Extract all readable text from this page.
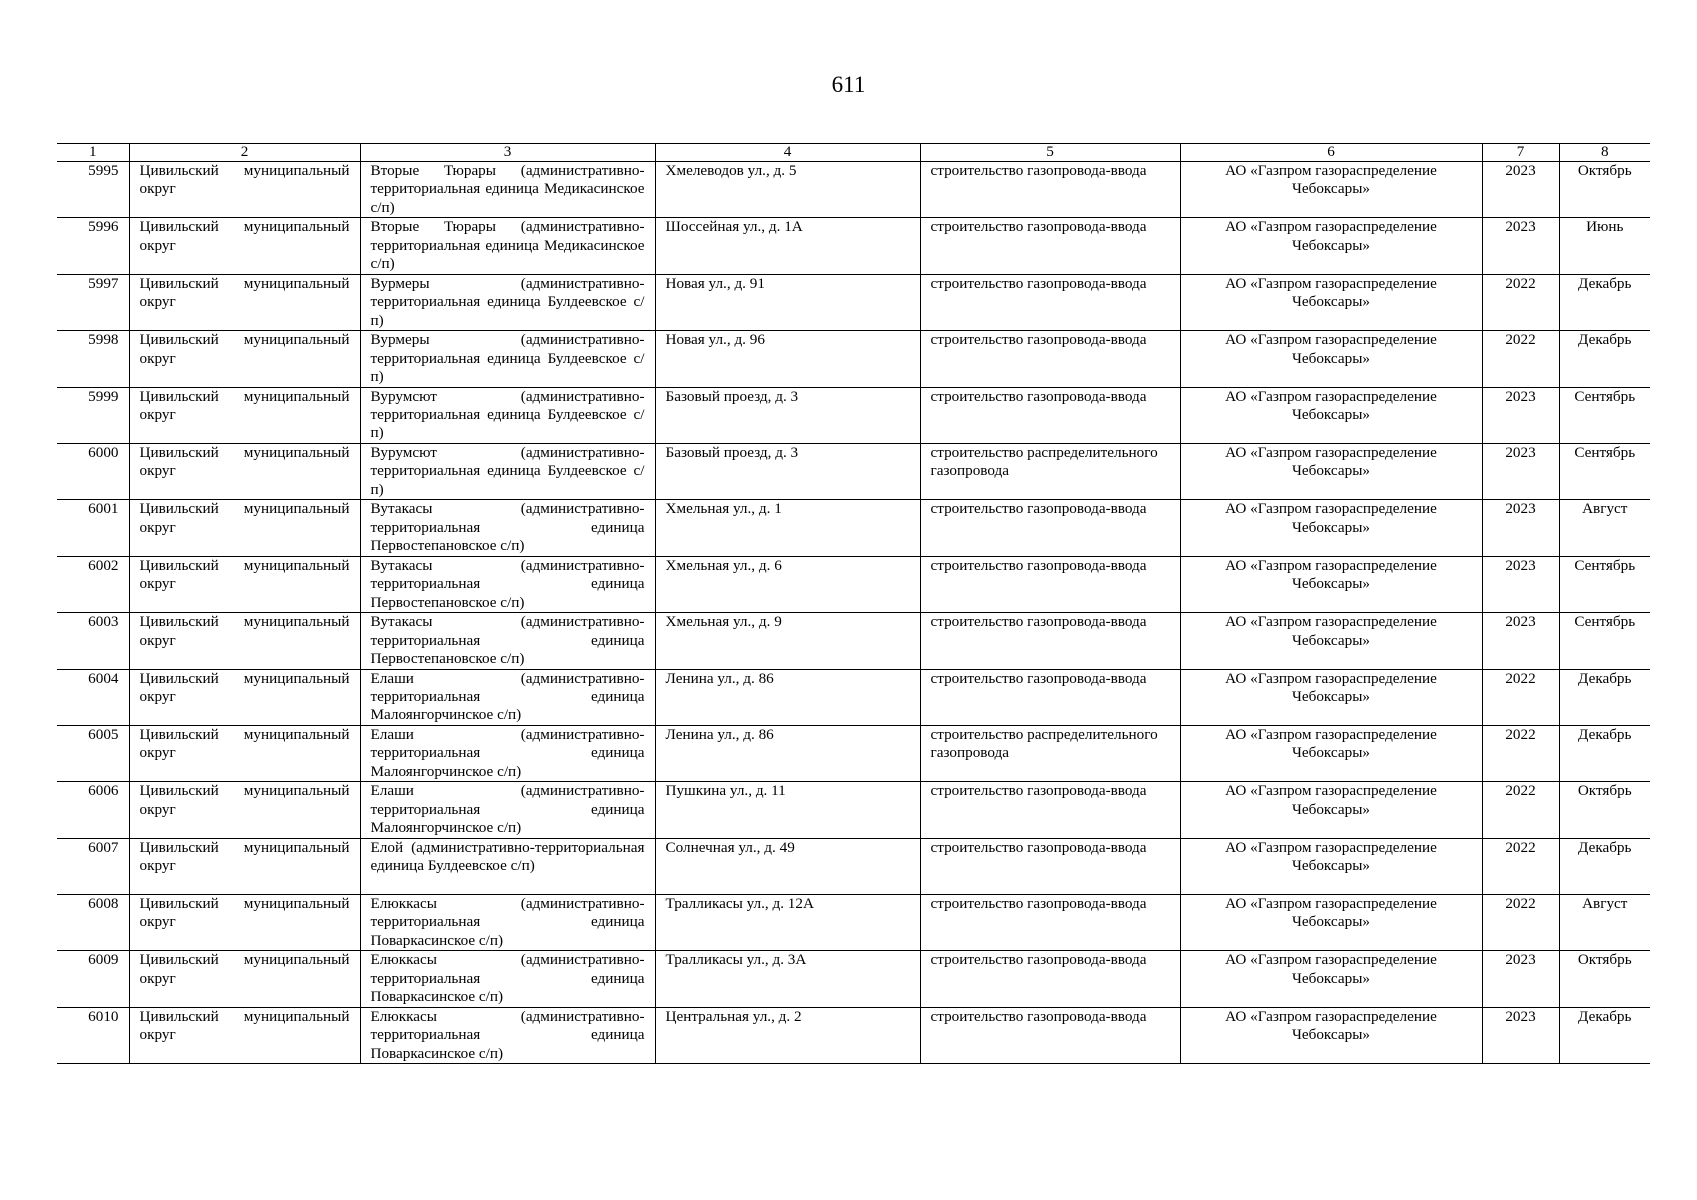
611
1	2	3	4	5	6	7	8
5995	Цивильский муниципальный округ	Вторые Тюрары (административно-территориальная единица Медикасинское с/п)	Хмелеводов ул., д. 5	строительство газопровода-ввода	АО «Газпром газораспределение Чебоксары»	2023	Октябрь
5996	Цивильский муниципальный округ	Вторые Тюрары (административно-территориальная единица Медикасинское с/п)	Шоссейная ул., д. 1А	строительство газопровода-ввода	АО «Газпром газораспределение Чебоксары»	2023	Июнь
5997	Цивильский муниципальный округ	Вурмеры (административно-территориальная единица Булдеевское с/п)	Новая ул., д. 91	строительство газопровода-ввода	АО «Газпром газораспределение Чебоксары»	2022	Декабрь
5998	Цивильский муниципальный округ	Вурмеры (административно-территориальная единица Булдеевское с/п)	Новая ул., д. 96	строительство газопровода-ввода	АО «Газпром газораспределение Чебоксары»	2022	Декабрь
5999	Цивильский муниципальный округ	Вурумсют (административно-территориальная единица Булдеевское с/п)	Базовый проезд, д. 3	строительство газопровода-ввода	АО «Газпром газораспределение Чебоксары»	2023	Сентябрь
6000	Цивильский муниципальный округ	Вурумсют (административно-территориальная единица Булдеевское с/п)	Базовый проезд, д. 3	строительство распределительного газопровода	АО «Газпром газораспределение Чебоксары»	2023	Сентябрь
6001	Цивильский муниципальный округ	Вутакасы (административно-территориальная единица Первостепановское с/п)	Хмельная ул., д. 1	строительство газопровода-ввода	АО «Газпром газораспределение Чебоксары»	2023	Август
6002	Цивильский муниципальный округ	Вутакасы (административно-территориальная единица Первостепановское с/п)	Хмельная ул., д. 6	строительство газопровода-ввода	АО «Газпром газораспределение Чебоксары»	2023	Сентябрь
6003	Цивильский муниципальный округ	Вутакасы (административно-территориальная единица Первостепановское с/п)	Хмельная ул., д. 9	строительство газопровода-ввода	АО «Газпром газораспределение Чебоксары»	2023	Сентябрь
6004	Цивильский муниципальный округ	Елаши (административно-территориальная единица Малоянгорчинское с/п)	Ленина ул., д. 86	строительство газопровода-ввода	АО «Газпром газораспределение Чебоксары»	2022	Декабрь
6005	Цивильский муниципальный округ	Елаши (административно-территориальная единица Малоянгорчинское с/п)	Ленина ул., д. 86	строительство распределительного газопровода	АО «Газпром газораспределение Чебоксары»	2022	Декабрь
6006	Цивильский муниципальный округ	Елаши (административно-территориальная единица Малоянгорчинское с/п)	Пушкина ул., д. 11	строительство газопровода-ввода	АО «Газпром газораспределение Чебоксары»	2022	Октябрь
6007	Цивильский муниципальный округ	Елой (административно-территориальная единица Булдеевское с/п)	Солнечная ул., д. 49	строительство газопровода-ввода	АО «Газпром газораспределение Чебоксары»	2022	Декабрь
6008	Цивильский муниципальный округ	Елюккасы (административно-территориальная единица Поваркасинское с/п)	Тралликасы ул., д. 12А	строительство газопровода-ввода	АО «Газпром газораспределение Чебоксары»	2022	Август
6009	Цивильский муниципальный округ	Елюккасы (административно-территориальная единица Поваркасинское с/п)	Тралликасы ул., д. 3А	строительство газопровода-ввода	АО «Газпром газораспределение Чебоксары»	2023	Октябрь
6010	Цивильский муниципальный округ	Елюккасы (административно-территориальная единица Поваркасинское с/п)	Центральная ул., д. 2	строительство газопровода-ввода	АО «Газпром газораспределение Чебоксары»	2023	Декабрь
